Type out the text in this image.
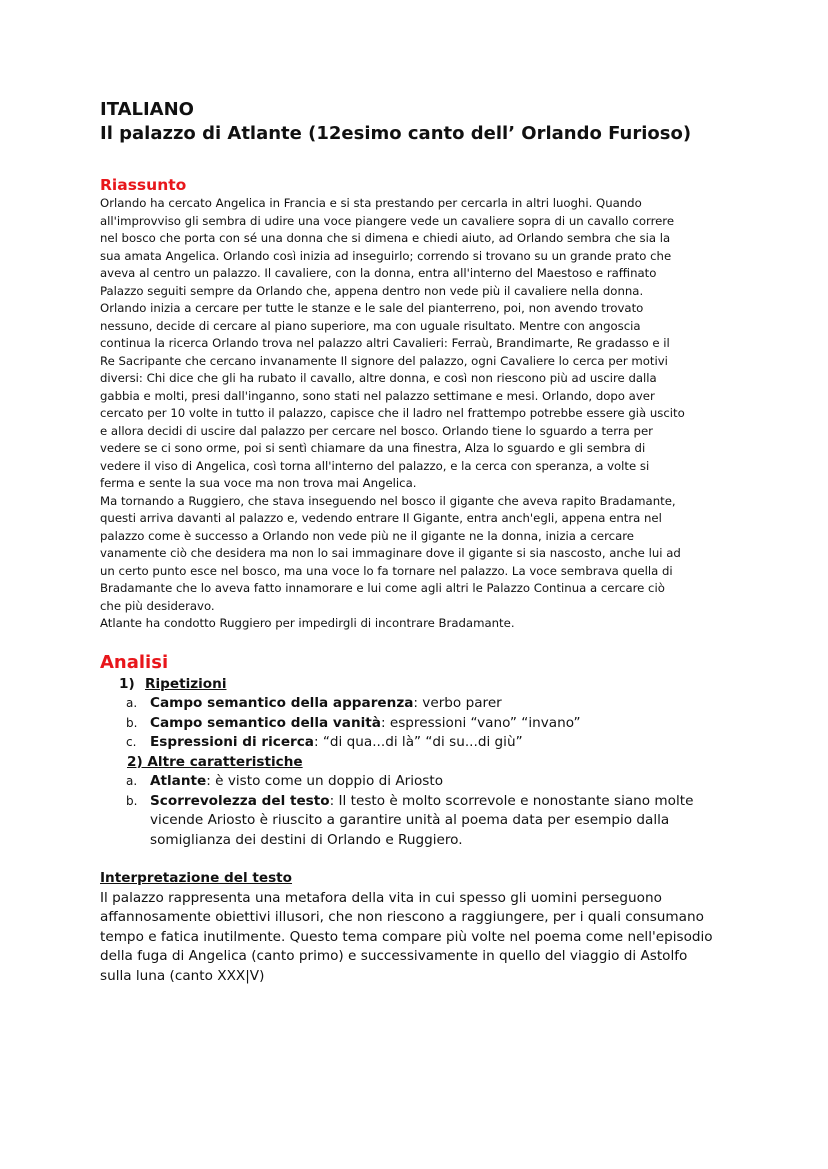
ITALIANO
Il palazzo di Atlante (12esimo canto dell’ Orlando Furioso)
Riassunto
Orlando ha cercato Angelica in Francia e si sta prestando per cercarla in altri luoghi. Quando
all'improvviso gli sembra di udire una voce piangere vede un cavaliere sopra di un cavallo correre
nel bosco che porta con sé una donna che si dimena e chiedi aiuto, ad Orlando sembra che sia la
sua amata Angelica. Orlando così inizia ad inseguirlo; correndo si trovano su un grande prato che
aveva al centro un palazzo. Il cavaliere, con la donna, entra all'interno del Maestoso e raffinato
Palazzo seguiti sempre da Orlando che, appena dentro non vede più il cavaliere nella donna.
Orlando inizia a cercare per tutte le stanze e le sale del pianterreno, poi, non avendo trovato
nessuno, decide di cercare al piano superiore, ma con uguale risultato. Mentre con angoscia
continua la ricerca Orlando trova nel palazzo altri Cavalieri: Ferraù, Brandimarte, Re gradasso e il
Re Sacripante che cercano invanamente Il signore del palazzo, ogni Cavaliere lo cerca per motivi
diversi: Chi dice che gli ha rubato il cavallo, altre donna, e così non riescono più ad uscire dalla
gabbia e molti, presi dall'inganno, sono stati nel palazzo settimane e mesi. Orlando, dopo aver
cercato per 10 volte in tutto il palazzo, capisce che il ladro nel frattempo potrebbe essere già uscito
e allora decidi di uscire dal palazzo per cercare nel bosco. Orlando tiene lo sguardo a terra per
vedere se ci sono orme, poi si sentì chiamare da una finestra, Alza lo sguardo e gli sembra di
vedere il viso di Angelica, così torna all'interno del palazzo, e la cerca con speranza, a volte si
ferma e sente la sua voce ma non trova mai Angelica.
Ma tornando a Ruggiero, che stava inseguendo nel bosco il gigante che aveva rapito Bradamante,
questi arriva davanti al palazzo e, vedendo entrare Il Gigante, entra anch'egli, appena entra nel
palazzo come è successo a Orlando non vede più ne il gigante ne la donna, inizia a cercare
vanamente ciò che desidera ma non lo sai immaginare dove il gigante si sia nascosto, anche lui ad
un certo punto esce nel bosco, ma una voce lo fa tornare nel palazzo. La voce sembrava quella di
Bradamante che lo aveva fatto innamorare e lui come agli altri le Palazzo Continua a cercare ciò
che più desideravo.
Atlante ha condotto Ruggiero per impedirgli di incontrare Bradamante.
Analisi
1) Ripetizioni
a. Campo semantico della apparenza: verbo parer
b. Campo semantico della vanità: espressioni “vano” “invano”
c. Espressioni di ricerca: “di qua...di là” “di su...di giù”
2) Altre caratteristiche
a. Atlante: è visto come un doppio di Ariosto
b. Scorrevolezza del testo: Il testo è molto scorrevole e nonostante siano molte
vicende Ariosto è riuscito a garantire unità al poema data per esempio dalla
somiglianza dei destini di Orlando e Ruggiero.
Interpretazione del testo
Il palazzo rappresenta una metafora della vita in cui spesso gli uomini perseguono
affannosamente obiettivi illusori, che non riescono a raggiungere, per i quali consumano
tempo e fatica inutilmente. Questo tema compare più volte nel poema come nell'episodio
della fuga di Angelica (canto primo) e successivamente in quello del viaggio di Astolfo
sulla luna (canto XXX|V)
